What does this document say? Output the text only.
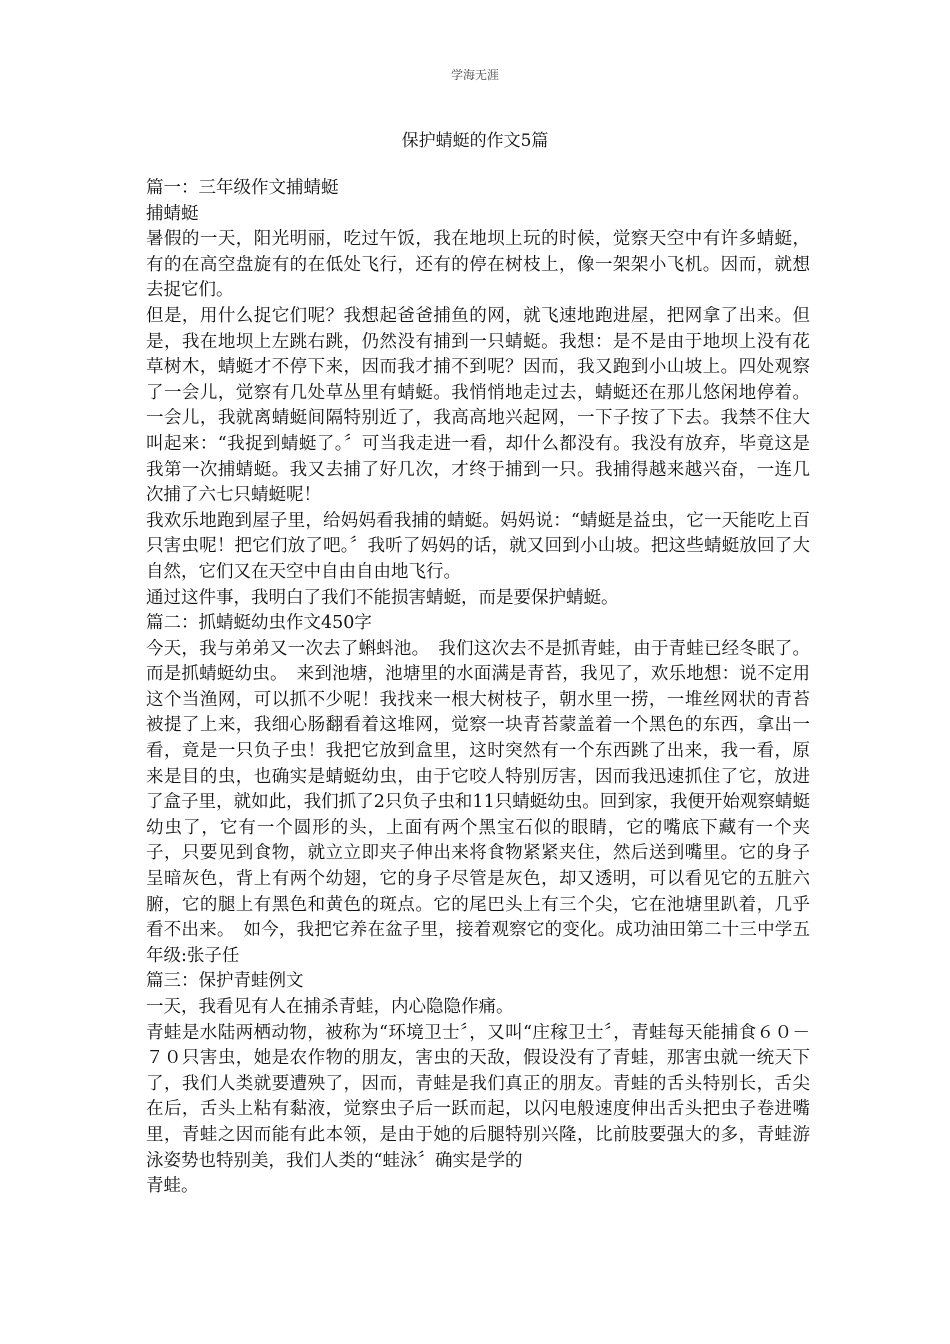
学海无涯
保护蜻蜓的作文5篇

篇一：三年级作文捕蜻蜓

捕蜻蜓

暑假的一天，阳光明丽，吃过午饭，我在地坝上玩的时候，觉察天空中有许多蜻蜓，有的在高空盘旋有的在低处飞行，还有的停在树枝上，像一架架小飞机。因而，就想去捉它们。

但是，用什么捉它们呢？我想起爸爸捕鱼的网，就飞速地跑进屋，把网拿了出来。但是，我在地坝上左跳右跳，仍然没有捕到一只蜻蜓。我想：是不是由于地坝上没有花草树木，蜻蜓才不停下来，因而我才捕不到呢？因而，我又跑到小山坡上。四处观察了一会儿，觉察有几处草丛里有蜻蜓。我悄悄地走过去，蜻蜓还在那儿悠闲地停着。一会儿，我就离蜻蜓间隔特别近了，我高高地兴起网，一下子按了下去。我禁不住大叫起来：“我捉到蜻蜓了。〞可当我走进一看，却什么都没有。我没有放弃，毕竟这是我第一次捕蜻蜓。我又去捕了好几次，才终于捕到一只。我捕得越来越兴奋，一连几次捕了六七只蜻蜓呢！

我欢乐地跑到屋子里，给妈妈看我捕的蜻蜓。妈妈说：“蜻蜓是益虫，它一天能吃上百只害虫呢！把它们放了吧。〞我听了妈妈的话，就又回到小山坡。把这些蜻蜓放回了大自然，它们又在天空中自由自由地飞行。

通过这件事，我明白了我们不能损害蜻蜓，而是要保护蜻蜓。

篇二：抓蜻蜓幼虫作文450字

今天，我与弟弟又一次去了蝌蚪池。　我们这次去不是抓青蛙，由于青蛙已经冬眠了。而是抓蜻蜓幼虫。　来到池塘，池塘里的水面满是青苔，我见了，欢乐地想：说不定用这个当渔网，可以抓不少呢！我找来一根大树枝子，朝水里一捞，一堆丝网状的青苔被提了上来，我细心肠翻看着这堆网，觉察一块青苔蒙盖着一个黑色的东西，拿出一看，竟是一只负子虫！我把它放到盒里，这时突然有一个东西跳了出来，我一看，原来是目的虫，也确实是蜻蜓幼虫，由于它咬人特别厉害，因而我迅速抓住了它，放进了盒子里，就如此，我们抓了2只负子虫和11只蜻蜓幼虫。回到家，我便开始观察蜻蜓幼虫了，它有一个圆形的头，上面有两个黑宝石似的眼睛，它的嘴底下藏有一个夹子，只要见到食物，就立立即夹子伸出来将食物紧紧夹住，然后送到嘴里。它的身子呈暗灰色，背上有两个幼翅，它的身子尽管是灰色，却又透明，可以看见它的五脏六腑，它的腿上有黑色和黄色的斑点。它的尾巴头上有三个尖，它在池塘里趴着，几乎看不出来。　如今，我把它养在盆子里，接着观察它的变化。成功油田第二十三中学五年级:张子任

篇三：保护青蛙例文

一天，我看见有人在捕杀青蛙，内心隐隐作痛。

青蛙是水陆两栖动物，被称为“环境卫士〞，又叫“庄稼卫士〞，青蛙每天能捕食６０－７０只害虫，她是农作物的朋友，害虫的天敌，假设没有了青蛙，那害虫就一统天下了，我们人类就要遭殃了，因而，青蛙是我们真正的朋友。青蛙的舌头特别长，舌尖在后，舌头上粘有黏液，觉察虫子后一跃而起，以闪电般速度伸出舌头把虫子卷进嘴里，青蛙之因而能有此本领，是由于她的后腿特别兴隆，比前肢要强大的多，青蛙游泳姿势也特别美，我们人类的“蛙泳〞确实是学的

青蛙。
